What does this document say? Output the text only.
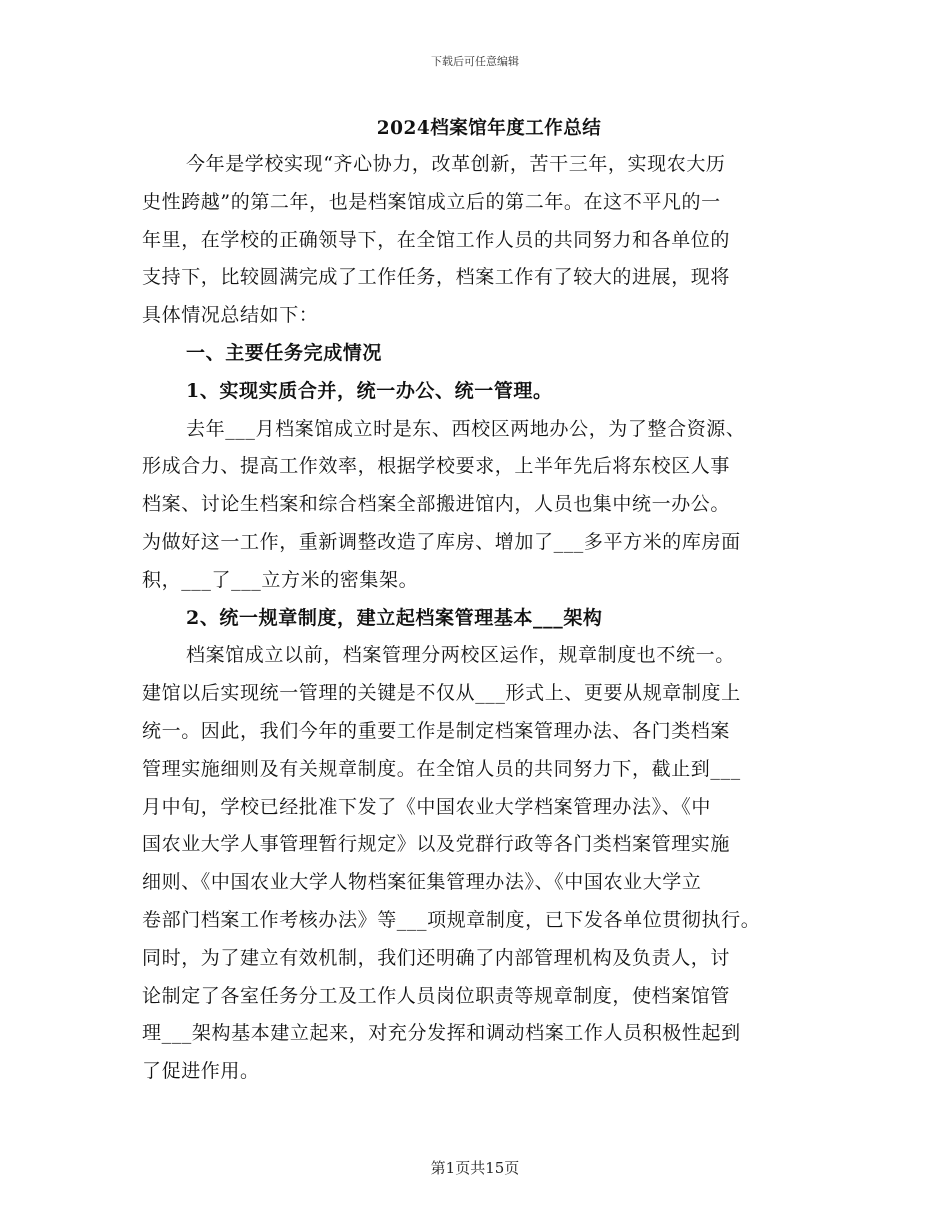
下载后可任意编辑
2024档案馆年度工作总结

今年是学校实现“齐心协力，改革创新，苦干三年，实现农大历
史性跨越”的第二年，也是档案馆成立后的第二年。在这不平凡的一
年里，在学校的正确领导下，在全馆工作人员的共同努力和各单位的
支持下，比较圆满完成了工作任务，档案工作有了较大的进展，现将
具体情况总结如下：

一、主要任务完成情况

1、实现实质合并，统一办公、统一管理。

去年___月档案馆成立时是东、西校区两地办公，为了整合资源、
形成合力、提高工作效率，根据学校要求，上半年先后将东校区人事
档案、讨论生档案和综合档案全部搬进馆内，人员也集中统一办公。
为做好这一工作，重新调整改造了库房、增加了___多平方米的库房面
积，___了___立方米的密集架。

2、统一规章制度，建立起档案管理基本___架构

档案馆成立以前，档案管理分两校区运作，规章制度也不统一。
建馆以后实现统一管理的关键是不仅从___形式上、更要从规章制度上
统一。因此，我们今年的重要工作是制定档案管理办法、各门类档案
管理实施细则及有关规章制度。在全馆人员的共同努力下，截止到___
月中旬，学校已经批准下发了《中国农业大学档案管理办法》、《中
国农业大学人事管理暂行规定》以及党群行政等各门类档案管理实施
细则、《中国农业大学人物档案征集管理办法》、《中国农业大学立
卷部门档案工作考核办法》等___项规章制度，已下发各单位贯彻执行。
同时，为了建立有效机制，我们还明确了内部管理机构及负责人，讨
论制定了各室任务分工及工作人员岗位职责等规章制度，使档案馆管
理___架构基本建立起来，对充分发挥和调动档案工作人员积极性起到
了促进作用。

第1页共15页
